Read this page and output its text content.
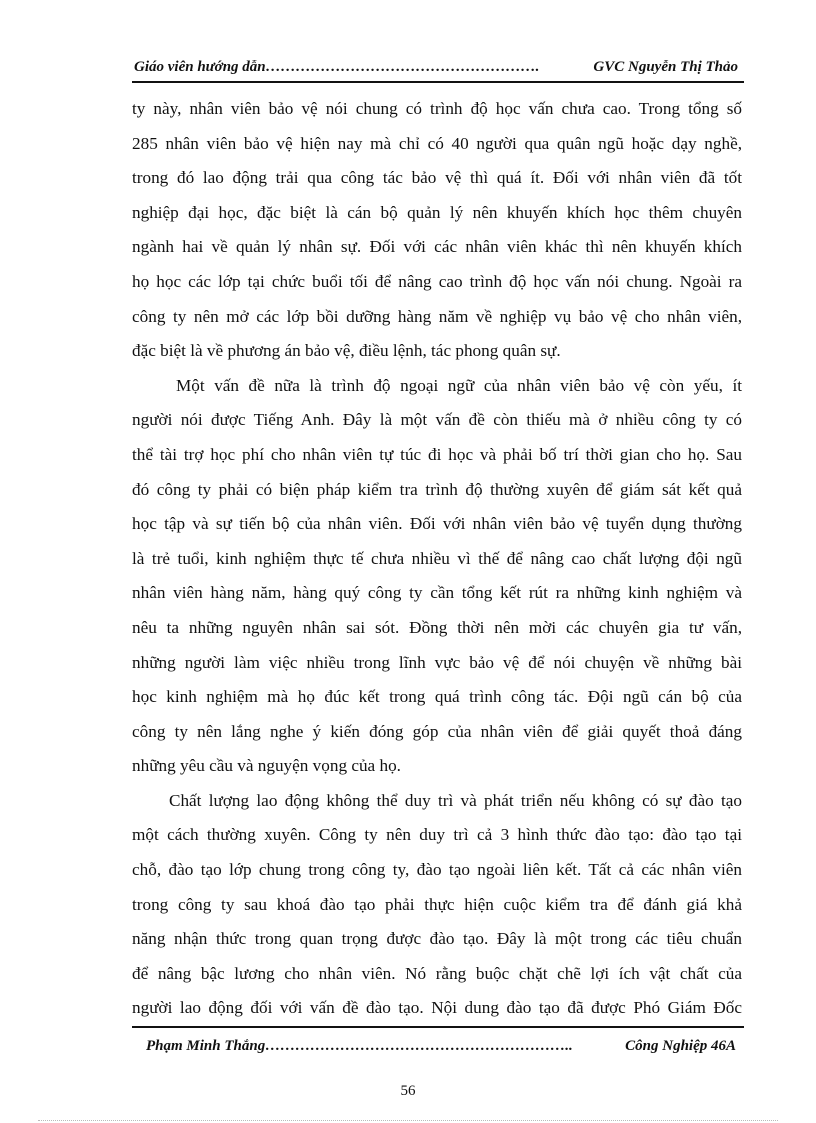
Giáo viên hướng dẫn……………………………………………….	GVC Nguyễn Thị Thảo
ty này, nhân viên bảo vệ nói chung có trình độ học vấn chưa cao. Trong tổng số
285 nhân viên bảo vệ hiện nay mà chỉ có 40 người qua quân ngũ hoặc dạy nghề,
trong đó lao động trải qua công tác bảo vệ thì quá ít. Đối với nhân viên đã tốt
nghiệp đại học, đặc biệt là cán bộ quản lý nên khuyến khích học thêm chuyên
ngành hai về quản lý nhân sự. Đối với các nhân viên khác thì nên khuyến khích
họ học các lớp tại chức buổi tối để nâng cao trình độ học vấn nói chung. Ngoài ra
công ty nên mở các lớp bồi dưỡng hàng năm về nghiệp vụ bảo vệ cho nhân viên,
đặc biệt là về phương án bảo vệ, điều lệnh, tác phong quân sự.
Một vấn đề nữa là trình độ ngoại ngữ của nhân viên bảo vệ còn yếu, ít
người nói được Tiếng Anh. Đây là một vấn đề còn thiếu mà ở nhiều công ty có
thể tài trợ học phí cho nhân viên tự túc đi học và phải bố trí thời gian cho họ. Sau
đó công ty phải có biện pháp kiểm tra trình độ thường xuyên để giám sát kết quả
học tập và sự tiến bộ của nhân viên. Đối với nhân viên bảo vệ tuyển dụng thường
là trẻ tuổi, kinh nghiệm thực tế chưa nhiều vì thế để nâng cao chất lượng đội ngũ
nhân viên hàng năm, hàng quý công ty cần tổng kết rút ra những kinh nghiệm và
nêu ta những nguyên nhân sai sót. Đồng thời nên mời các chuyên gia tư vấn,
những người làm việc nhiều trong lĩnh vực bảo vệ để nói chuyện về những bài
học kinh nghiệm mà họ đúc kết trong quá trình công tác. Đội ngũ cán bộ của
công ty nên lắng nghe ý kiến đóng góp của nhân viên để giải quyết thoả đáng
những yêu cầu và nguyện vọng của họ.
Chất lượng lao động không thể duy trì và phát triển nếu không có sự đào tạo
một cách thường xuyên. Công ty nên duy trì cả 3 hình thức đào tạo: đào tạo tại
chỗ, đào tạo lớp chung trong công ty, đào tạo ngoài liên kết. Tất cả các nhân viên
trong công ty sau khoá đào tạo phải thực hiện cuộc kiểm tra để đánh giá khả
năng nhận thức trong quan trọng được đào tạo. Đây là một trong các tiêu chuẩn
để nâng bậc lương cho nhân viên. Nó rằng buộc chặt chẽ lợi ích vật chất của
người lao động đối với vấn đề đào tạo. Nội dung đào tạo đã được Phó Giám Đốc
Phạm Minh Thắng……………………………………………………..	Công Nghiệp 46A
56
